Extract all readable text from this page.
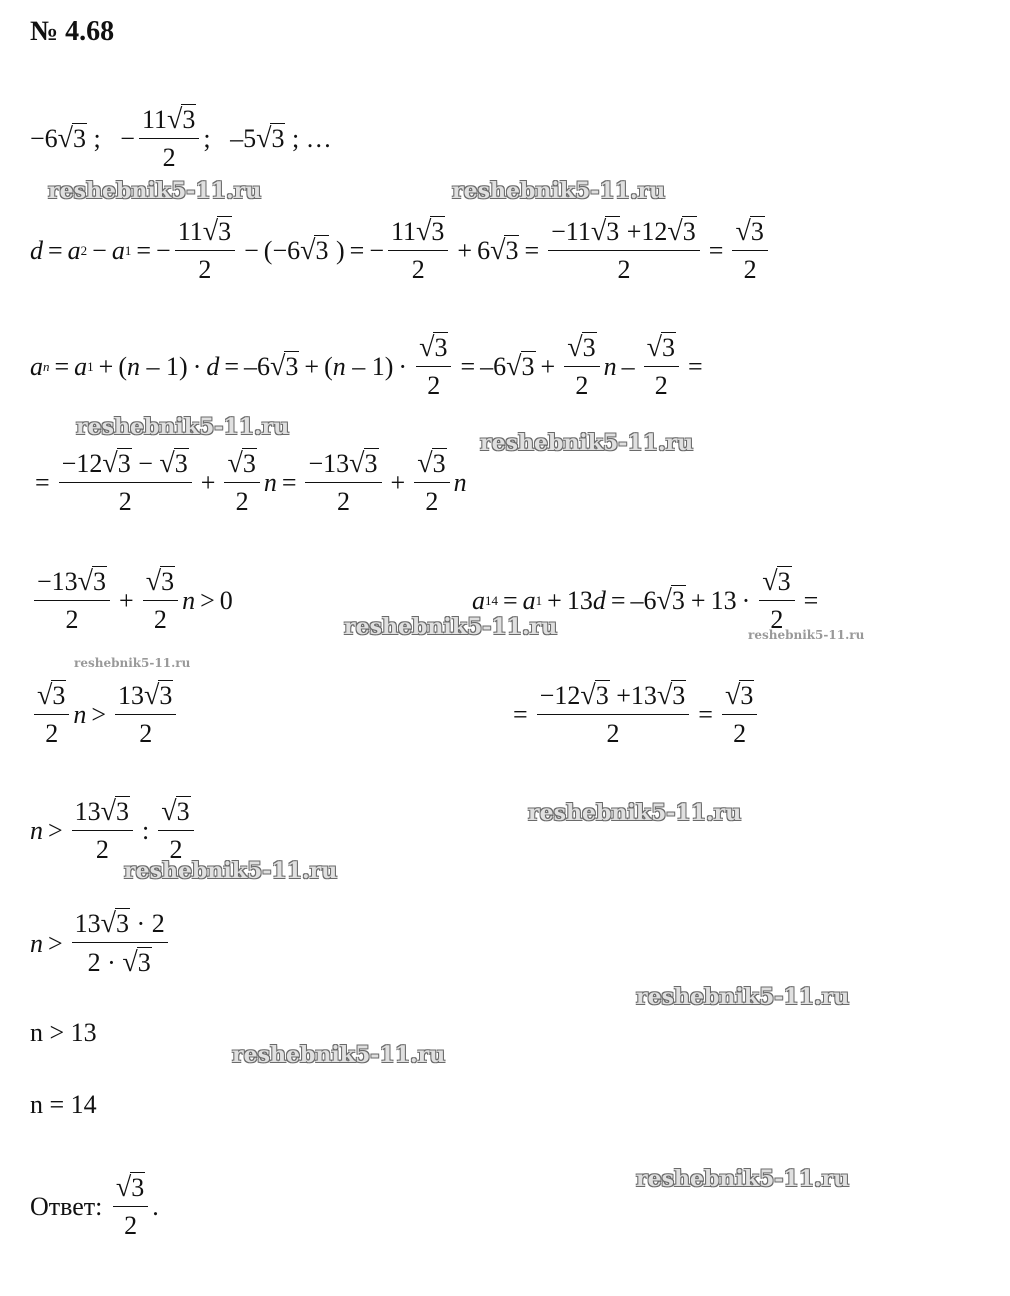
№ 4.68
−6 √3 ;   − $\frac{11√3}{2}$ ;   –5 √3 ; …
d = a 2 − a 1 = − $\frac{11√3}{2} - (-6$ √3 ) = − $\frac{11√3}{2} + 6$ $√3 = \frac{-11√3 +12√3}{2} = \frac{√3}{2}$
a n = a 1 + (n – 1) · d = –6 $√3 + (n - 1) \cdot \frac{√3}{2} = -6$ $√3 + \frac{√3}{2}$ n – $\frac{√3}{2}$ =
= $\frac{-12√3 - √3}{2} + \frac{√3}{2}$ $n = \frac{-13√3}{2} + \frac{√3}{2}$ n
$\frac{-13√3}{2} + \frac{√3}{2}$ n > 0	a 14 = a 1 + 13d = –6 $√3 + 13 \cdot \frac{√3}{2}$ =
$\frac{√3}{2}$ $n > \frac{13√3}{2}$	= $\frac{-12√3 +13√3}{2} = \frac{√3}{2}$
$n > \frac{13√3}{2}$ : $\frac{√3}{2}$
$n > \frac{13√3 \cdot 2}{2 \cdot √3}$
n > 13
n = 14
Ответ:
$\frac{√3}{2}$ .
reshebnik5-11.ru	reshebnik5-11.ru
reshebnik5-11.ru
reshebnik5-11.ru
reshebnik5-11.ru	reshebnik5-11.ru
reshebnik5-11.ru
reshebnik5-11.ru
reshebnik5-11.ru
reshebnik5-11.ru
reshebnik5-11.ru
reshebnik5-11.ru
